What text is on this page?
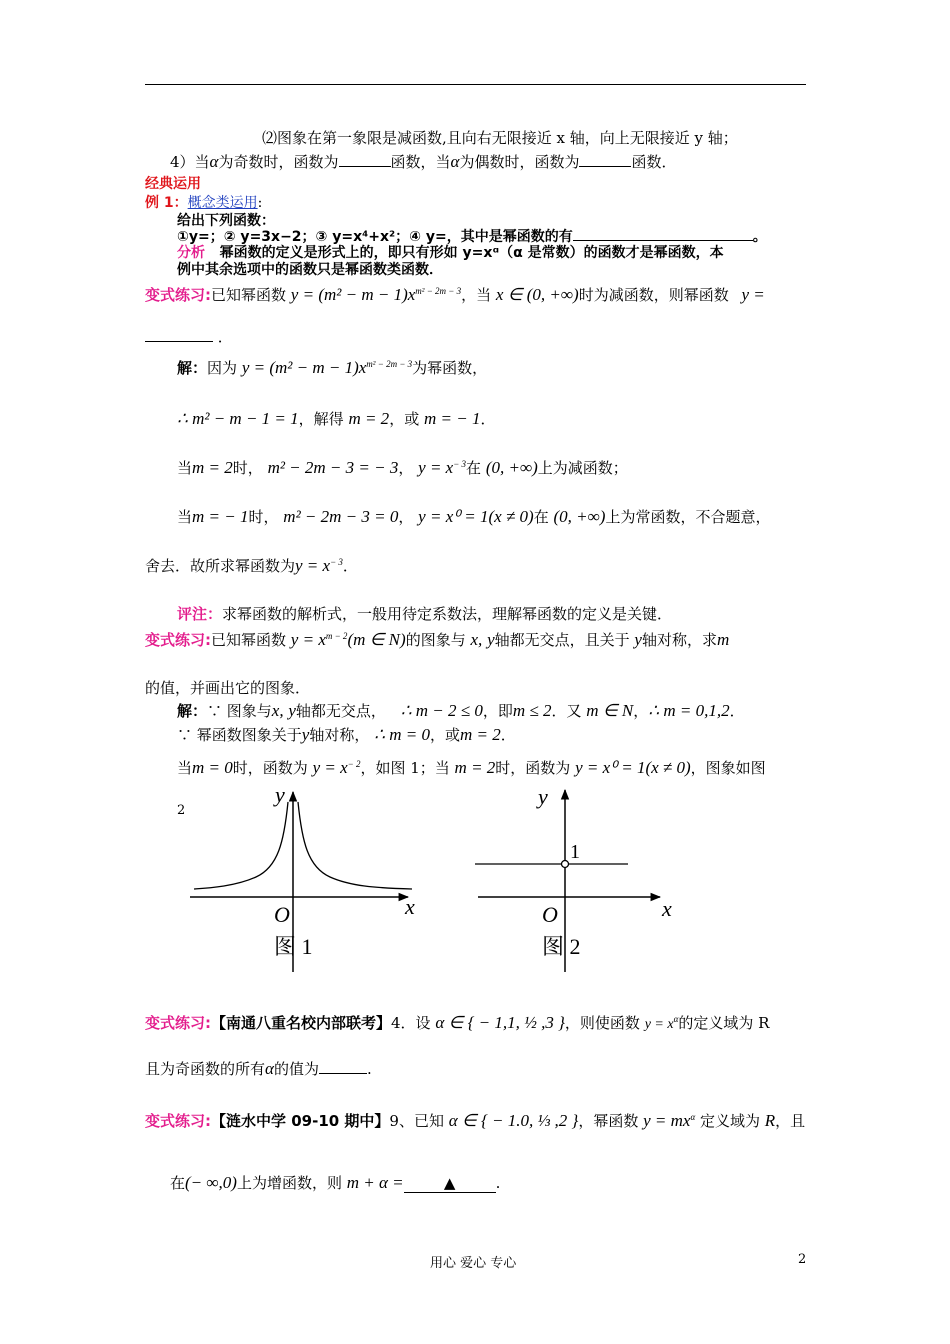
⑵图象在第一象限是减函数,且向右无限接近 x 轴，向上无限接近 y 轴；
4）当α为奇数时，函数为	函数，当α为偶数时，函数为	函数．
经典运用
例 1：概念类运用:
给出下列函数：
①y=；② y=3x−2；③ y=x⁴+x²；④ y=，其中是幂函数的有	。
分析 幂函数的定义是形式上的，即只有形如 y=xᵅ（α 是常数）的函数才是幂函数，本
例中其余选项中的函数只是幂函数类函数．
变式练习:已知幂函数 $y = (m^2 - m - 1)x^{m^2 - 2m - 3}$，当 x ∈ (0, +∞)时为减函数，则幂函数 y =
．
解：因为 $y = (m^2 - m - 1)x^{m^2 - 2m - 3}$为幂函数，
∴ m² − m − 1 = 1，解得 m = 2，或 m = − 1．
当m = 2时， m² − 2m − 3 = − 3， $y = x^{- 3}$在 (0, +∞)上为减函数；
当m = − 1时， m² − 2m − 3 = 0， y = x⁰ = 1(x ≠ 0)在 (0, +∞)上为常函数，不合题意，
舍去．故所求幂函数为$y = x^{- 3}$．
评注：求幂函数的解析式，一般用待定系数法，理解幂函数的定义是关键．
变式练习:已知幂函数 $y = x^{m - 2}(m$ ∈ N)的图象与 x, y轴都无交点，且关于 y轴对称，求m
的值，并画出它的图象．
解：∵ 图象与x, y轴都无交点， ∴ m − 2 ≤ 0，即m ≤ 2．又 m ∈ N，∴ m = 0,1,2．
∵ 幂函数图象关于y轴对称， ∴ m = 0，或m = 2．
当m = 0时，函数为 $y = x^{- 2}$，如图 1；当 m = 2时，函数为 y = x⁰ = 1(x ≠ 0)，图象如图
2
y
x
O
图 1
y
x
1
O
图 2
变式练习:【南通八重名校内部联考】4．设 α ∈ { − 1,1, ½ ,3 }，则使函数 $y = x^\alpha$的定义域为 R
且为奇函数的所有α的值为	.
变式练习:【涟水中学 09-10 期中】9、已知 α ∈ { − 1.0, ⅓ ,2 }，幂函数 $y = mx^\alpha$ 定义域为 R，且
在(− ∞,0)上为增函数，则 m + α =	▲	.
用心 爱心 专心	2
